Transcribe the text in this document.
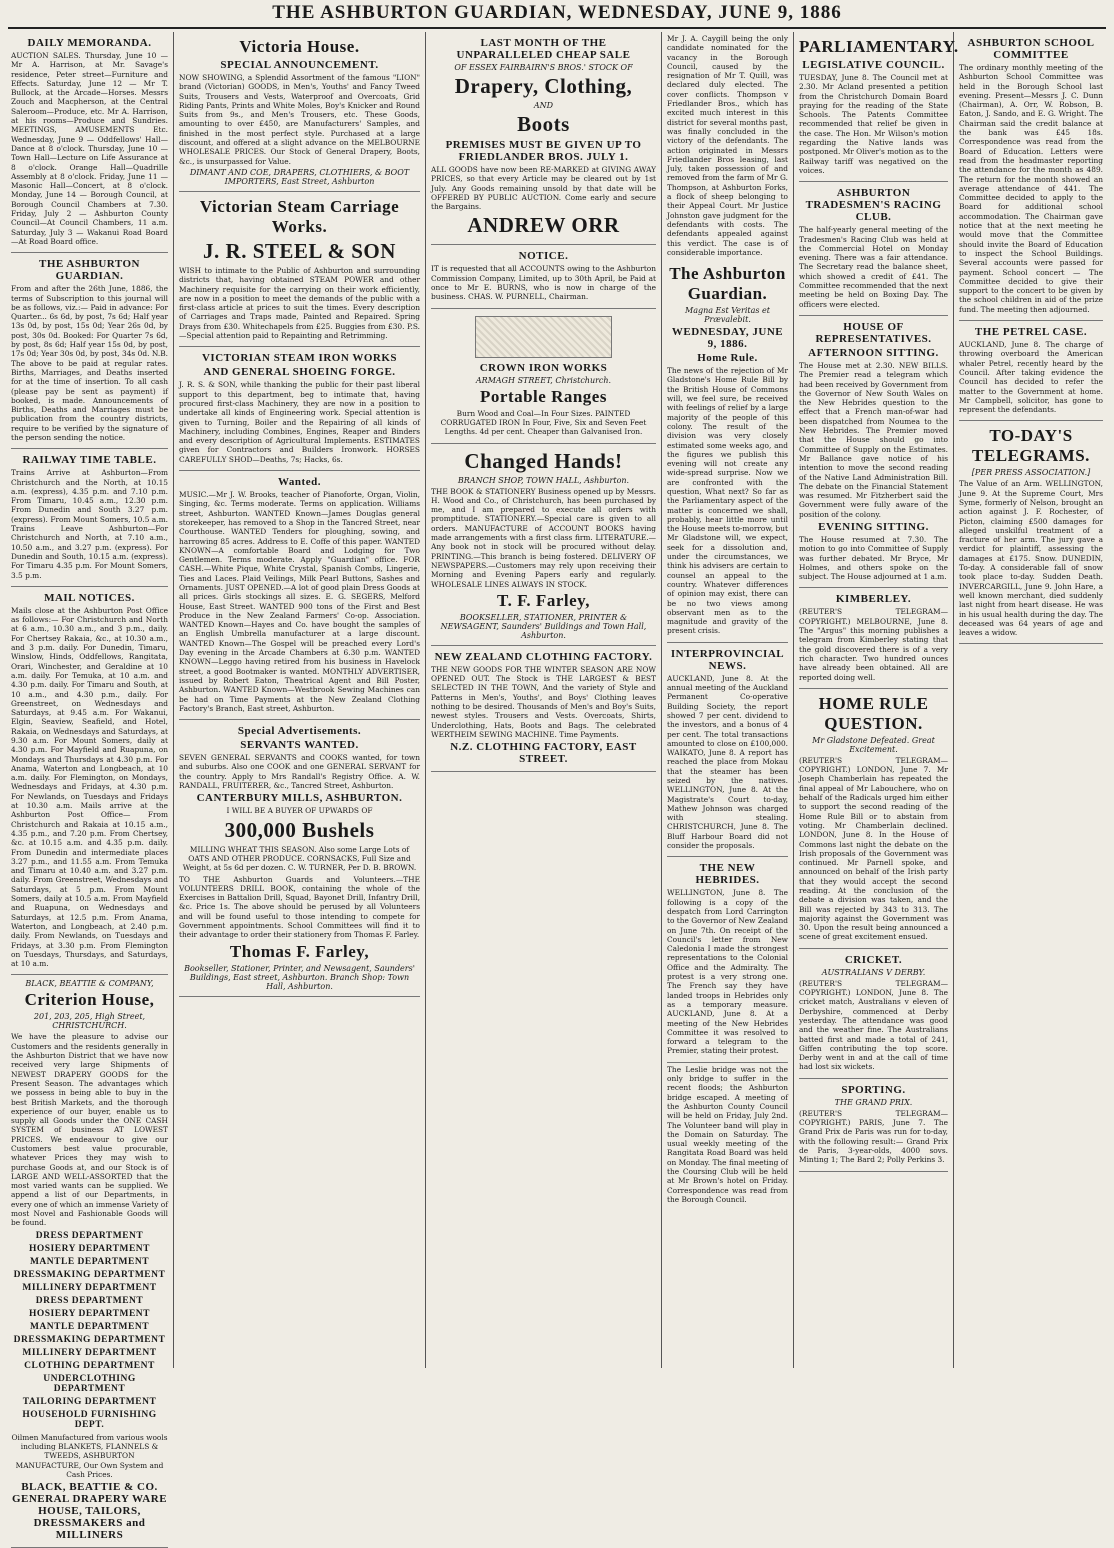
THE ASHBURTON GUARDIAN, WEDNESDAY, JUNE 9, 1886
DAILY MEMORANDA.
AUCTION SALES. Thursday, June 10 — Mr A. Harrison, at Mr. Savage's residence, Peter street—Furniture and Effects. Saturday, June 12 — Mr T. Bullock, at the Arcade—Horses. Messrs Zouch and Macpherson, at the Central Saleroom—Produce, etc. Mr A. Harrison, at his rooms—Produce and Sundries. MEETINGS, AMUSEMENTS Etc. Wednesday, June 9 — Oddfellows' Hall—Dance at 8 o'clock. Thursday, June 10 — Town Hall—Lecture on Life Assurance at 8 o'clock. Orange Hall—Quadrille Assembly at 8 o'clock. Friday, June 11 — Masonic Hall—Concert, at 8 o'clock. Monday, June 14 — Borough Council, at Borough Council Chambers at 7.30. Friday, July 2 — Ashburton County Council—At Council Chambers, 11 a.m. Saturday, July 3 — Wakanui Road Board—At Road Board office.
THE ASHBURTON GUARDIAN.
From and after the 26th June, 1886, the terms of Subscription to this journal will be as follows, viz.:— Paid in advance: For Quarter... 6s 6d, by post, 7s 6d; Half year 13s 0d, by post, 15s 0d; Year 26s 0d, by post, 30s 0d. Booked: For Quarter 7s 6d, by post, 8s 6d; Half year 15s 0d, by post, 17s 0d; Year 30s 0d, by post, 34s 0d. N.B. The above to be paid at regular rates. Births, Marriages, and Deaths inserted for at the time of insertion. To all cash (please pay be sent as payment) if booked, is made. Announcements of Births, Deaths and Marriages must be publication from the country districts, require to be verified by the signature of the person sending the notice.
RAILWAY TIME TABLE.
Trains Arrive at Ashburton—From Christchurch and the North, at 10.15 a.m. (express), 4.35 p.m. and 7.10 p.m. From Timaru, 10.45 a.m., 12.30 p.m. From Dunedin and South 3.27 p.m. (express). From Mount Somers, 10.5 a.m. Trains Leave Ashburton—For Christchurch and North, at 7.10 a.m., 10.50 a.m., and 3.27 p.m. (express). For Dunedin and South, 10.15 a.m. (express). For Timaru 4.35 p.m. For Mount Somers, 3.5 p.m.
MAIL NOTICES.
Mails close at the Ashburton Post Office as follows:— For Christchurch and North at 6 a.m., 10.30 a.m., and 3 p.m., daily. For Chertsey Rakaia, &c., at 10.30 a.m., and 3 p.m. daily. For Dunedin, Timaru, Winslow, Hinds, Oddfellows, Rangitata, Orari, Winchester, and Geraldine at 10 a.m. daily. For Temuka, at 10 a.m. and 4.30 p.m. daily. For Timaru and South, at 10 a.m., and 4.30 p.m., daily. For Greenstreet, on Wednesdays and Saturdays, at 9.45 a.m. For Wakanui, Elgin, Seaview, Seafield, and Hotel, Rakaia, on Wednesdays and Saturdays, at 9.30 a.m. For Mount Somers, daily at 4.30 p.m. For Mayfield and Ruapuna, on Mondays and Thursdays at 4.30 p.m. For Anama, Waterton and Longbeach, at 10 a.m. daily. For Flemington, on Mondays, Wednesdays and Fridays, at 4.30 p.m. For Newlands, on Tuesdays and Fridays at 10.30 a.m. Mails arrive at the Ashburton Post Office— From Christchurch and Rakaia at 10.15 a.m., 4.35 p.m., and 7.20 p.m. From Chertsey, &c. at 10.15 a.m. and 4.35 p.m. daily. From Dunedin and intermediate places 3.27 p.m., and 11.55 a.m. From Temuka and Timaru at 10.40 a.m. and 3.27 p.m. daily. From Greenstreet, Wednesdays and Saturdays, at 5 p.m. From Mount Somers, daily at 10.5 a.m. From Mayfield and Ruapuna, on Wednesdays and Saturdays, at 12.5 p.m. From Anama, Waterton, and Longbeach, at 2.40 p.m. daily. From Newlands, on Tuesdays and Fridays, at 3.30 p.m. From Flemington on Tuesdays, Thursdays, and Saturdays, at 10 a.m.
BLACK, BEATTIE & COMPANY,
Criterion House,
201, 203, 205, High Street, CHRISTCHURCH.
We have the pleasure to advise our Customers and the residents generally in the Ashburton District that we have now received very large Shipments of NEWEST DRAPERY GOODS for the Present Season. The advantages which we possess in being able to buy in the best British Markets, and the thorough experience of our buyer, enable us to supply all Goods under the ONE CASH SYSTEM of business AT LOWEST PRICES. We endeavour to give our Customers best value procurable, whatever Prices they may wish to purchase Goods at, and our Stock is of LARGE AND WELL-ASSORTED that the most varied wants can be supplied. We append a list of our Departments, in every one of which an immense Variety of most Novel and Fashionable Goods will be found.
DRESS DEPARTMENT
HOSIERY DEPARTMENT
MANTLE DEPARTMENT
DRESSMAKING DEPARTMENT
MILLINERY DEPARTMENT
DRESS DEPARTMENT
HOSIERY DEPARTMENT
MANTLE DEPARTMENT
DRESSMAKING DEPARTMENT
MILLINERY DEPARTMENT
CLOTHING DEPARTMENT
UNDERCLOTHING DEPARTMENT
TAILORING DEPARTMENT
HOUSEHOLD FURNISHING DEPT.
Oilmen Manufactured from various wools including BLANKETS, FLANNELS & TWEEDS, ASHBURTON MANUFACTURE, Our Own System and Cash Prices.
BLACK, BEATTIE & CO. GENERAL DRAPERY WARE HOUSE, TAILORS, DRESSMAKERS and MILLINERS
Victoria House.
SPECIAL ANNOUNCEMENT.
NOW SHOWING, a Splendid Assortment of the famous "LION" brand (Victorian) GOODS, in Men's, Youths' and Fancy Tweed Suits, Trousers and Vests, Waterproof and Overcoats, Grid Riding Pants, Prints and White Moles, Boy's Knicker and Round Suits from 9s., and Men's Trousers, etc. These Goods, amounting to over £450, are Manufacturers' Samples, and finished in the most perfect style. Purchased at a large discount, and offered at a slight advance on the MELBOURNE WHOLESALE PRICES. Our Stock of General Drapery, Boots, &c., is unsurpassed for Value.
DIMANT AND COE, DRAPERS, CLOTHIERS, & BOOT IMPORTERS, East Street, Ashburton
Victorian Steam Carriage Works.
J. R. STEEL & SON
WISH to intimate to the Public of Ashburton and surrounding districts that, having obtained STEAM POWER and other Machinery requisite for the carrying on their work efficiently, are now in a position to meet the demands of the public with a first-class article at prices to suit the times. Every description of Carriages and Traps made, Painted and Repaired. Spring Drays from £30. Whitechapels from £25. Buggies from £30. P.S.—Special attention paid to Repainting and Retrimming.
VICTORIAN STEAM IRON WORKS
AND GENERAL SHOEING FORGE.
J. R. S. & SON, while thanking the public for their past liberal support to this department, beg to intimate that, having procured first-class Machinery, they are now in a position to undertake all kinds of Engineering work. Special attention is given to Turning, Boiler and the Repairing of all kinds of Machinery, including Combines, Engines, Reaper and Binders and every description of Agricultural Implements. ESTIMATES given for Contractors and Builders Ironwork. HORSES CAREFULLY SHOD—Deaths, 7s; Hacks, 6s.
Wanted.
MUSIC.—Mr J. W. Brooks, teacher of Pianoforte, Organ, Violin, Singing, &c. Terms moderate. Terms on application. Williams street, Ashburton. WANTED Known—James Douglas general storekeeper, has removed to a Shop in the Tancred Street, near Courthouse. WANTED Tenders for ploughing, sowing, and harrowing 85 acres. Address to E. Coffe of this paper. WANTED KNOWN—A comfortable Board and Lodging for Two Gentlemen. Terms moderate. Apply "Guardian" office. FOR CASH.—White Pique, White Crystal, Spanish Combs, Lingerie, Ties and Laces. Plaid Veilings, Milk Pearl Buttons, Sashes and Ornaments. JUST OPENED.—A lot of good plain Dress Goods at all prices. Girls stockings all sizes. E. G. SEGERS, Melford House, East Street. WANTED 900 tons of the First and Best Produce in the New Zealand Farmers' Co-op. Association. WANTED Known—Hayes and Co. have bought the samples of an English Umbrella manufacturer at a large discount. WANTED Known—The Gospel will be preached every Lord's Day evening in the Arcade Chambers at 6.30 p.m. WANTED KNOWN—Leggo having retired from his business in Havelock street, a good Bootmaker is wanted. MONTHLY ADVERTISER, issued by Robert Eaton, Theatrical Agent and Bill Poster, Ashburton. WANTED Known—Westbrook Sewing Machines can be had on Time Payments at the New Zealand Clothing Factory's Branch, East street, Ashburton.
Special Advertisements.
SERVANTS WANTED.
SEVEN GENERAL SERVANTS and COOKS wanted, for town and suburbs. Also one COOK and one GENERAL SERVANT for the country. Apply to Mrs Randall's Registry Office. A. W. RANDALL, FRUITERER, &c., Tancred Street, Ashburton.
CANTERBURY MILLS, ASHBURTON.
I WILL BE A BUYER OF UPWARDS OF
300,000 Bushels
MILLING WHEAT THIS SEASON. Also some Large Lots of OATS AND OTHER PRODUCE. CORNSACKS, Full Size and Weight, at 5s 6d per dozen. C. W. TURNER, Per D. B. BROWN.
TO THE Ashburton Guards and Volunteers.—THE VOLUNTEERS DRILL BOOK, containing the whole of the Exercises in Battalion Drill, Squad, Bayonet Drill, Infantry Drill, &c. Price 1s. The above should be perused by all Volunteers and will be found useful to those intending to compete for Government appointments. School Committees will find it to their advantage to order their stationery from Thomas F. Farley.
Thomas F. Farley,
Bookseller, Stationer, Printer, and Newsagent, Saunders' Buildings, East street, Ashburton. Branch Shop: Town Hall, Ashburton.
LAST MONTH OF THE UNPARALLELED CHEAP SALE
OF ESSEX FAIRBAIRN'S BROS.' STOCK OF
Drapery, Clothing,
AND
Boots
PREMISES MUST BE GIVEN UP TO FRIEDLANDER BROS. JULY 1.
ALL GOODS have now been RE-MARKED at GIVING AWAY PRICES, so that every Article may be cleared out by 1st July. Any Goods remaining unsold by that date will be OFFERED BY PUBLIC AUCTION. Come early and secure the Bargains.
ANDREW ORR
NOTICE.
IT is requested that all ACCOUNTS owing to the Ashburton Commission Company, Limited, up to 30th April, be Paid at once to Mr E. BURNS, who is now in charge of the business. CHAS. W. PURNELL, Chairman.
CROWN IRON WORKS
ARMAGH STREET, Christchurch.
Portable Ranges
Burn Wood and Coal—In Four Sizes. PAINTED CORRUGATED IRON In Four, Five, Six and Seven Feet Lengths. 4d per cent. Cheaper than Galvanised Iron.
Changed Hands!
BRANCH SHOP, TOWN HALL, Ashburton.
THE BOOK & STATIONERY Business opened up by Messrs. H. Wood and Co., of Christchurch, has been purchased by me, and I am prepared to execute all orders with promptitude. STATIONERY.—Special care is given to all orders. MANUFACTURE of ACCOUNT BOOKS having made arrangements with a first class firm. LITERATURE.—Any book not in stock will be procured without delay. PRINTING.—This branch is being fostered. DELIVERY OF NEWSPAPERS.—Customers may rely upon receiving their Morning and Evening Papers early and regularly. WHOLESALE LINES ALWAYS IN STOCK.
T. F. Farley,
BOOKSELLER, STATIONER, PRINTER & NEWSAGENT, Saunders' Buildings and Town Hall, Ashburton.
NEW ZEALAND CLOTHING FACTORY.
THE NEW GOODS FOR THE WINTER SEASON ARE NOW OPENED OUT. The Stock is THE LARGEST & BEST SELECTED IN THE TOWN, And the variety of Style and Patterns in Men's, Youths', and Boys' Clothing leaves nothing to be desired. Thousands of Men's and Boy's Suits, newest styles. Trousers and Vests. Overcoats, Shirts, Underclothing, Hats, Boots and Bags. The celebrated WERTHEIM SEWING MACHINE. Time Payments.
N.Z. CLOTHING FACTORY, EAST STREET.
Mr J. A. Caygill being the only candidate nominated for the vacancy in the Borough Council, caused by the resignation of Mr T. Quill, was declared duly elected. The cover conflicts. Thompson v Friedlander Bros., which has excited much interest in this district for several months past, was finally concluded in the victory of the defendants. The action originated in Messrs Friedlander Bros leasing, last July, taken possession of and removed from the farm of Mr G. Thompson, at Ashburton Forks, a flock of sheep belonging to their Appeal Court. Mr Justice Johnston gave judgment for the defendants with costs. The defendants appealed against this verdict. The case is of considerable importance.
The Ashburton Guardian.
Magna Est Veritas et Prævalebit.
WEDNESDAY, JUNE 9, 1886.
Home Rule.
The news of the rejection of Mr Gladstone's Home Rule Bill by the British House of Commons will, we feel sure, be received with feelings of relief by a large majority of the people of this colony. The result of the division was very closely estimated some weeks ago, and the figures we publish this evening will not create any wide-spread surprise. Now we are confronted with the question, What next? So far as the Parliamentary aspect of the matter is concerned we shall, probably, hear little more until the House meets to-morrow, but Mr Gladstone will, we expect, seek for a dissolution and, under the circumstances, we think his advisers are certain to counsel an appeal to the country. Whatever differences of opinion may exist, there can be no two views among observant men as to the magnitude and gravity of the present crisis.
INTERPROVINCIAL NEWS.
AUCKLAND, June 8. At the annual meeting of the Auckland Permanent Co-operative Building Society, the report showed 7 per cent. dividend to the investors, and a bonus of 4 per cent. The total transactions amounted to close on £100,000. WAIKATO, June 8. A report has reached the place from Mokau that the steamer has been seized by the natives. WELLINGTON, June 8. At the Magistrate's Court to-day, Mathew Johnson was charged with stealing. CHRISTCHURCH, June 8. The Bluff Harbour Board did not consider the proposals.
THE NEW HEBRIDES.
WELLINGTON, June 8. The following is a copy of the despatch from Lord Carrington to the Governor of New Zealand on June 7th. On receipt of the Council's letter from New Caledonia I made the strongest representations to the Colonial Office and the Admiralty. The protest is a very strong one. The French say they have landed troops in Hebrides only as a temporary measure. AUCKLAND, June 8. At a meeting of the New Hebrides Committee it was resolved to forward a telegram to the Premier, stating their protest.
The Leslie bridge was not the only bridge to suffer in the recent floods; the Ashburton bridge escaped. A meeting of the Ashburton County Council will be held on Friday, July 2nd. The Volunteer band will play in the Domain on Saturday. The usual weekly meeting of the Rangitata Road Board was held on Monday. The final meeting of the Coursing Club will be held at Mr Brown's hotel on Friday. Correspondence was read from the Borough Council.
PARLIAMENTARY.
LEGISLATIVE COUNCIL.
TUESDAY, June 8. The Council met at 2.30. Mr Acland presented a petition from the Christchurch Domain Board praying for the reading of the State Schools. The Patents Committee recommended that relief be given in the case. The Hon. Mr Wilson's motion regarding the Native lands was postponed. Mr Oliver's motion as to the Railway tariff was negatived on the voices.
ASHBURTON TRADESMEN'S RACING CLUB.
The half-yearly general meeting of the Tradesmen's Racing Club was held at the Commercial Hotel on Monday evening. There was a fair attendance. The Secretary read the balance sheet, which showed a credit of £41. The Committee recommended that the next meeting be held on Boxing Day. The officers were elected.
HOUSE OF REPRESENTATIVES.
AFTERNOON SITTING.
The House met at 2.30. NEW BILLS. The Premier read a telegram which had been received by Government from the Governor of New South Wales on the New Hebrides question to the effect that a French man-of-war had been dispatched from Noumea to the New Hebrides. The Premier moved that the House should go into Committee of Supply on the Estimates. Mr Ballance gave notice of his intention to move the second reading of the Native Land Administration Bill. The debate on the Financial Statement was resumed. Mr Fitzherbert said the Government were fully aware of the position of the colony.
EVENING SITTING.
The House resumed at 7.30. The motion to go into Committee of Supply was further debated. Mr Bryce, Mr Holmes, and others spoke on the subject. The House adjourned at 1 a.m.
KIMBERLEY.
(REUTER'S TELEGRAM—COPYRIGHT.) MELBOURNE, June 8. The "Argus" this morning publishes a telegram from Kimberley stating that the gold discovered there is of a very rich character. Two hundred ounces have already been obtained. All are reported doing well.
HOME RULE QUESTION.
Mr Gladstone Defeated. Great Excitement.
(REUTER'S TELEGRAM—COPYRIGHT.) LONDON, June 7. Mr Joseph Chamberlain has repeated the final appeal of Mr Labouchere, who on behalf of the Radicals urged him either to support the second reading of the Home Rule Bill or to abstain from voting. Mr Chamberlain declined. LONDON, June 8. In the House of Commons last night the debate on the Irish proposals of the Government was continued. Mr Parnell spoke, and announced on behalf of the Irish party that they would accept the second reading. At the conclusion of the debate a division was taken, and the Bill was rejected by 343 to 313. The majority against the Government was 30. Upon the result being announced a scene of great excitement ensued.
CRICKET.
AUSTRALIANS V DERBY.
(REUTER'S TELEGRAM—COPYRIGHT.) LONDON, June 8. The cricket match, Australians v eleven of Derbyshire, commenced at Derby yesterday. The attendance was good and the weather fine. The Australians batted first and made a total of 241, Giffen contributing the top score. Derby went in and at the call of time had lost six wickets.
SPORTING.
THE GRAND PRIX.
(REUTER'S TELEGRAM—COPYRIGHT.) PARIS, June 7. The Grand Prix de Paris was run for to-day, with the following result:— Grand Prix de Paris, 3-year-olds, 4000 sovs. Minting 1; The Bard 2; Polly Perkins 3.
ASHBURTON SCHOOL COMMITTEE
The ordinary monthly meeting of the Ashburton School Committee was held in the Borough School last evening. Present—Messrs J. C. Dunn (Chairman), A. Orr, W. Robson, B. Eaton, J. Sando, and E. G. Wright. The Chairman said the credit balance at the bank was £45 18s. Correspondence was read from the Board of Education. Letters were read from the headmaster reporting the attendance for the month as 489. The return for the month showed an average attendance of 441. The Committee decided to apply to the Board for additional school accommodation. The Chairman gave notice that at the next meeting he would move that the Committee should invite the Board of Education to inspect the School Buildings. Several accounts were passed for payment. School concert — The Committee decided to give their support to the concert to be given by the school children in aid of the prize fund. The meeting then adjourned.
THE PETREL CASE.
AUCKLAND, June 8. The charge of throwing overboard the American whaler Petrel, recently heard by the Council. After taking evidence the Council has decided to refer the matter to the Government at home. Mr Campbell, solicitor, has gone to represent the defendants.
TO-DAY'S TELEGRAMS.
[PER PRESS ASSOCIATION.]
The Value of an Arm. WELLINGTON, June 9. At the Supreme Court, Mrs Syme, formerly of Nelson, brought an action against J. F. Rochester, of Picton, claiming £500 damages for alleged unskilful treatment of a fracture of her arm. The jury gave a verdict for plaintiff, assessing the damages at £175. Snow. DUNEDIN, To-day. A considerable fall of snow took place to-day. Sudden Death. INVERCARGILL, June 9. John Hare, a well known merchant, died suddenly last night from heart disease. He was in his usual health during the day. The deceased was 64 years of age and leaves a widow.
